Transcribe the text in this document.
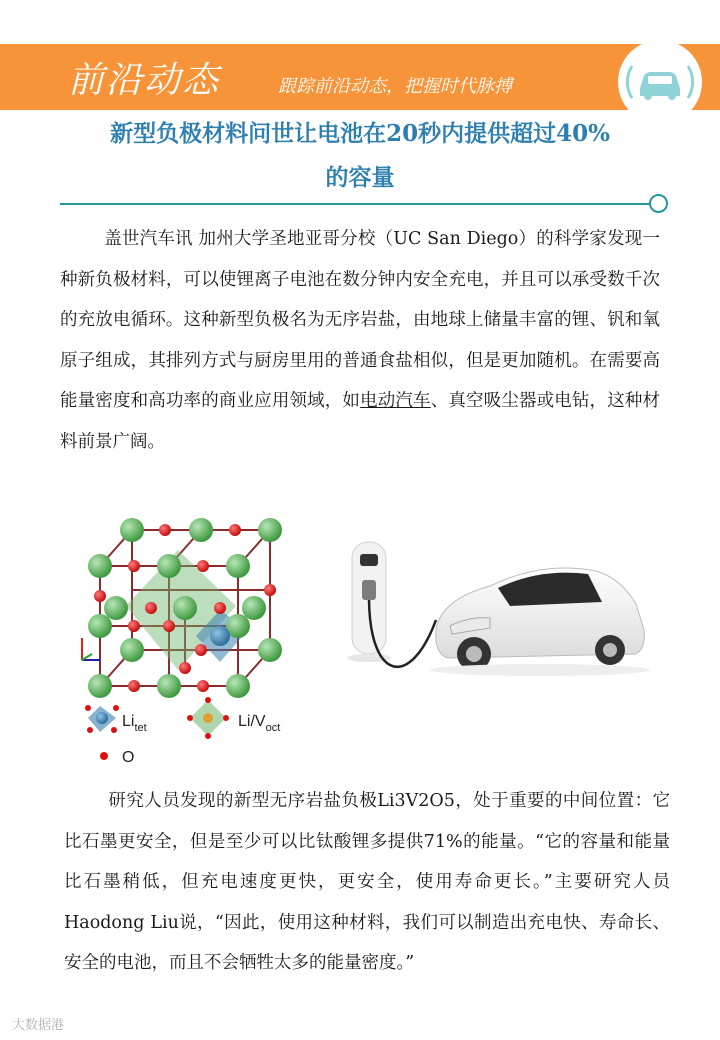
前沿动态	跟踪前沿动态，把握时代脉搏
新型负极材料问世让电池在20秒内提供超过40%
的容量
盖世汽车讯 加州大学圣地亚哥分校（UC San Diego）的科学家发现一种新负极材料，可以使锂离子电池在数分钟内安全充电，并且可以承受数千次的充放电循环。这种新型负极名为无序岩盐，由地球上储量丰富的锂、钒和氧原子组成，其排列方式与厨房里用的普通食盐相似，但是更加随机。在需要高能量密度和高功率的商业应用领域，如电动汽车、真空吸尘器或电钻，这种材料前景广阔。
$Li_{tet}$	$Li/V_{oct}$
O
研究人员发现的新型无序岩盐负极Li3V2O5，处于重要的中间位置：它比石墨更安全，但是至少可以比钛酸锂多提供71%的能量。“它的容量和能量比石墨稍低，但充电速度更快，更安全，使用寿命更长。”主要研究人员Haodong Liu说，“因此，使用这种材料，我们可以制造出充电快、寿命长、安全的电池，而且不会牺牲太多的能量密度。”
大数据港
